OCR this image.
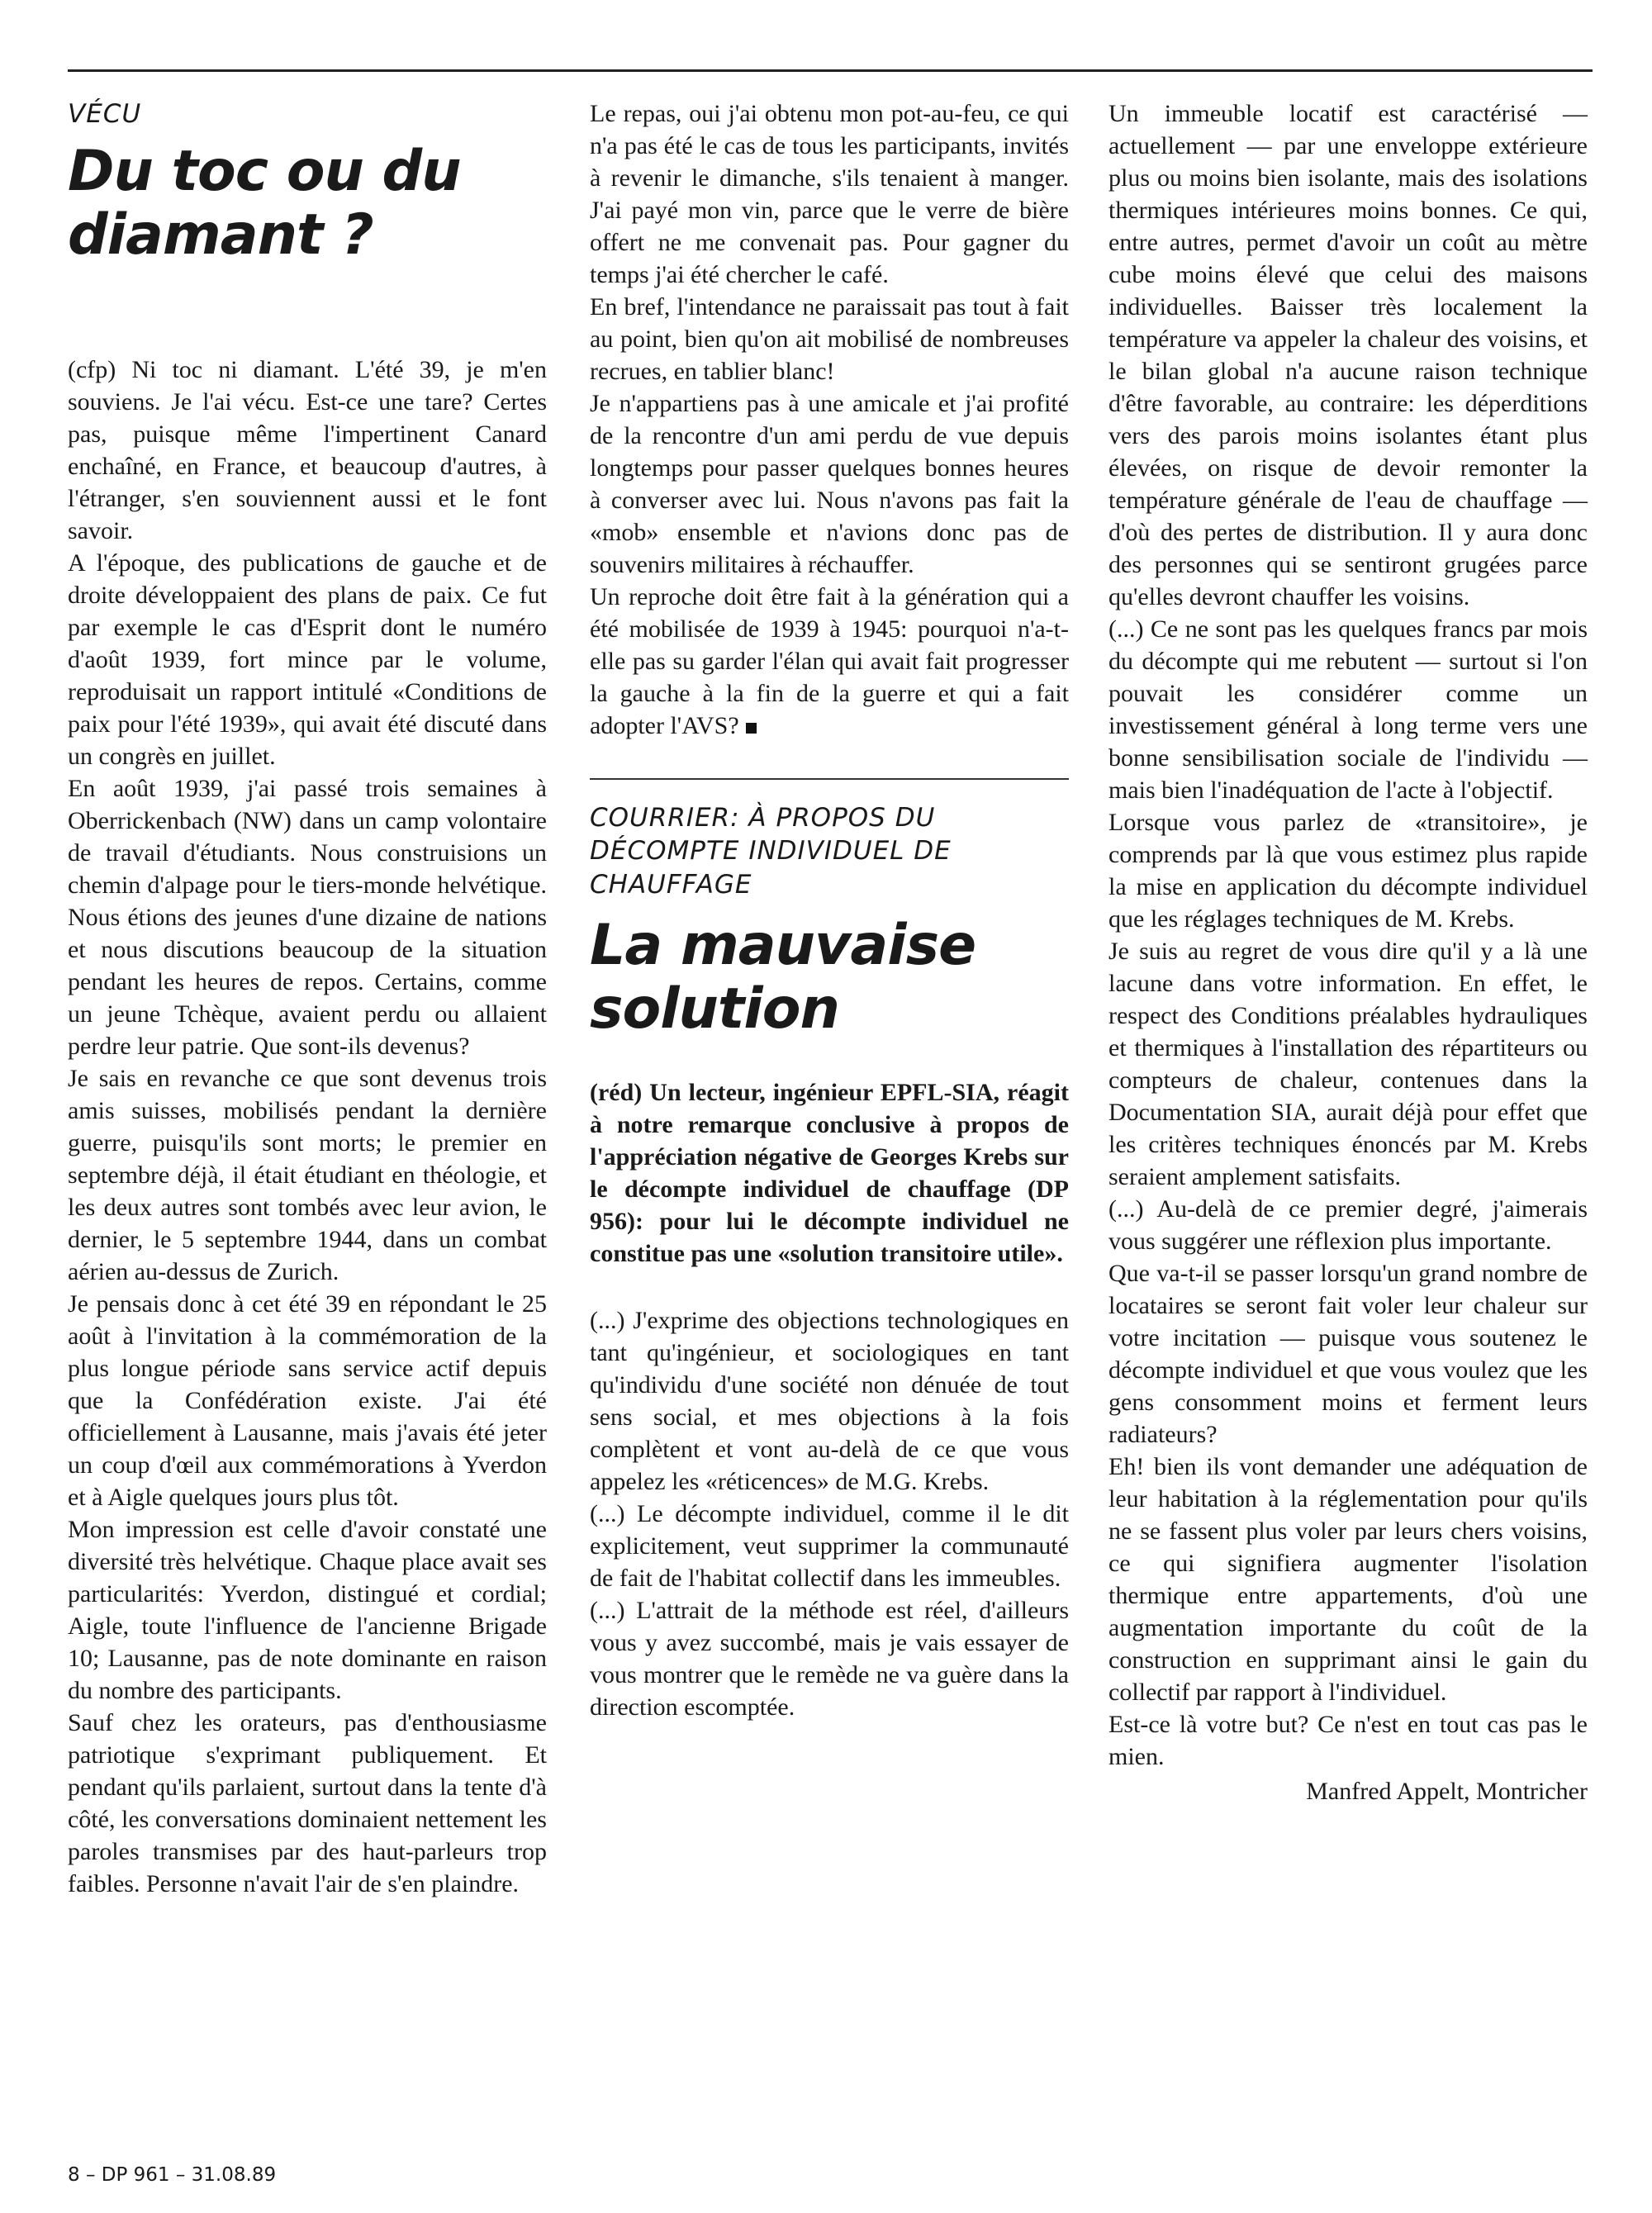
VÉCU
Du toc ou du diamant ?

(cfp) Ni toc ni diamant. L'été 39, je m'en souviens. Je l'ai vécu. Est-ce une tare? Certes pas, puisque même l'impertinent Canard enchaîné, en France, et beaucoup d'autres, à l'étranger, s'en souviennent aussi et le font savoir.

A l'époque, des publications de gauche et de droite développaient des plans de paix. Ce fut par exemple le cas d'Esprit dont le numéro d'août 1939, fort mince par le volume, reproduisait un rapport intitulé «Conditions de paix pour l'été 1939», qui avait été discuté dans un congrès en juillet.

En août 1939, j'ai passé trois semaines à Oberrickenbach (NW) dans un camp volontaire de travail d'étudiants. Nous construisions un chemin d'alpage pour le tiers-monde helvétique. Nous étions des jeunes d'une dizaine de nations et nous discutions beaucoup de la situation pendant les heures de repos. Certains, comme un jeune Tchèque, avaient perdu ou allaient perdre leur patrie. Que sont-ils devenus?

Je sais en revanche ce que sont devenus trois amis suisses, mobilisés pendant la dernière guerre, puisqu'ils sont morts; le premier en septembre déjà, il était étudiant en théologie, et les deux autres sont tombés avec leur avion, le dernier, le 5 septembre 1944, dans un combat aérien au-dessus de Zurich.

Je pensais donc à cet été 39 en répondant le 25 août à l'invitation à la commémoration de la plus longue période sans service actif depuis que la Confédération existe. J'ai été officiellement à Lausanne, mais j'avais été jeter un coup d'œil aux commémorations à Yverdon et à Aigle quelques jours plus tôt.

Mon impression est celle d'avoir constaté une diversité très helvétique. Chaque place avait ses particularités: Yverdon, distingué et cordial; Aigle, toute l'influence de l'ancienne Brigade 10; Lausanne, pas de note dominante en raison du nombre des participants.

Sauf chez les orateurs, pas d'enthousiasme patriotique s'exprimant publiquement. Et pendant qu'ils parlaient, surtout dans la tente d'à côté, les conversations dominaient nettement les paroles transmises par des haut-parleurs trop faibles. Personne n'avait l'air de s'en plaindre.

Le repas, oui j'ai obtenu mon pot-au-feu, ce qui n'a pas été le cas de tous les participants, invités à revenir le dimanche, s'ils tenaient à manger. J'ai payé mon vin, parce que le verre de bière offert ne me convenait pas. Pour gagner du temps j'ai été chercher le café.

En bref, l'intendance ne paraissait pas tout à fait au point, bien qu'on ait mobilisé de nombreuses recrues, en tablier blanc!

Je n'appartiens pas à une amicale et j'ai profité de la rencontre d'un ami perdu de vue depuis longtemps pour passer quelques bonnes heures à converser avec lui. Nous n'avons pas fait la «mob» ensemble et n'avions donc pas de souvenirs militaires à réchauffer.

Un reproche doit être fait à la génération qui a été mobilisée de 1939 à 1945: pourquoi n'a-t-elle pas su garder l'élan qui avait fait progresser la gauche à la fin de la guerre et qui a fait adopter l'AVS?

COURRIER: À PROPOS DU DÉCOMPTE INDIVIDUEL DE CHAUFFAGE
La mauvaise solution

(réd) Un lecteur, ingénieur EPFL-SIA, réagit à notre remarque conclusive à propos de l'appréciation négative de Georges Krebs sur le décompte individuel de chauffage (DP 956): pour lui le décompte individuel ne constitue pas une «solution transitoire utile».

(...) J'exprime des objections technologiques en tant qu'ingénieur, et sociologiques en tant qu'individu d'une société non dénuée de tout sens social, et mes objections à la fois complètent et vont au-delà de ce que vous appelez les «réticences» de M.G. Krebs.

(...) Le décompte individuel, comme il le dit explicitement, veut supprimer la communauté de fait de l'habitat collectif dans les immeubles.

(...) L'attrait de la méthode est réel, d'ailleurs vous y avez succombé, mais je vais essayer de vous montrer que le remède ne va guère dans la direction escomptée.

Un immeuble locatif est caractérisé — actuellement — par une enveloppe extérieure plus ou moins bien isolante, mais des isolations thermiques intérieures moins bonnes. Ce qui, entre autres, permet d'avoir un coût au mètre cube moins élevé que celui des maisons individuelles. Baisser très localement la température va appeler la chaleur des voisins, et le bilan global n'a aucune raison technique d'être favorable, au contraire: les déperditions vers des parois moins isolantes étant plus élevées, on risque de devoir remonter la température générale de l'eau de chauffage — d'où des pertes de distribution. Il y aura donc des personnes qui se sentiront grugées parce qu'elles devront chauffer les voisins.

(...) Ce ne sont pas les quelques francs par mois du décompte qui me rebutent — surtout si l'on pouvait les considérer comme un investissement général à long terme vers une bonne sensibilisation sociale de l'individu — mais bien l'inadéquation de l'acte à l'objectif.

Lorsque vous parlez de «transitoire», je comprends par là que vous estimez plus rapide la mise en application du décompte individuel que les réglages techniques de M. Krebs.

Je suis au regret de vous dire qu'il y a là une lacune dans votre information. En effet, le respect des Conditions préalables hydrauliques et thermiques à l'installation des répartiteurs ou compteurs de chaleur, contenues dans la Documentation SIA, aurait déjà pour effet que les critères techniques énoncés par M. Krebs seraient amplement satisfaits.

(...) Au-delà de ce premier degré, j'aimerais vous suggérer une réflexion plus importante.

Que va-t-il se passer lorsqu'un grand nombre de locataires se seront fait voler leur chaleur sur votre incitation — puisque vous soutenez le décompte individuel et que vous voulez que les gens consomment moins et ferment leurs radiateurs?

Eh! bien ils vont demander une adéquation de leur habitation à la réglementation pour qu'ils ne se fassent plus voler par leurs chers voisins, ce qui signifiera augmenter l'isolation thermique entre appartements, d'où une augmentation importante du coût de la construction en supprimant ainsi le gain du collectif par rapport à l'individuel.

Est-ce là votre but? Ce n'est en tout cas pas le mien.

Manfred Appelt, Montricher
8 – DP 961 – 31.08.89
